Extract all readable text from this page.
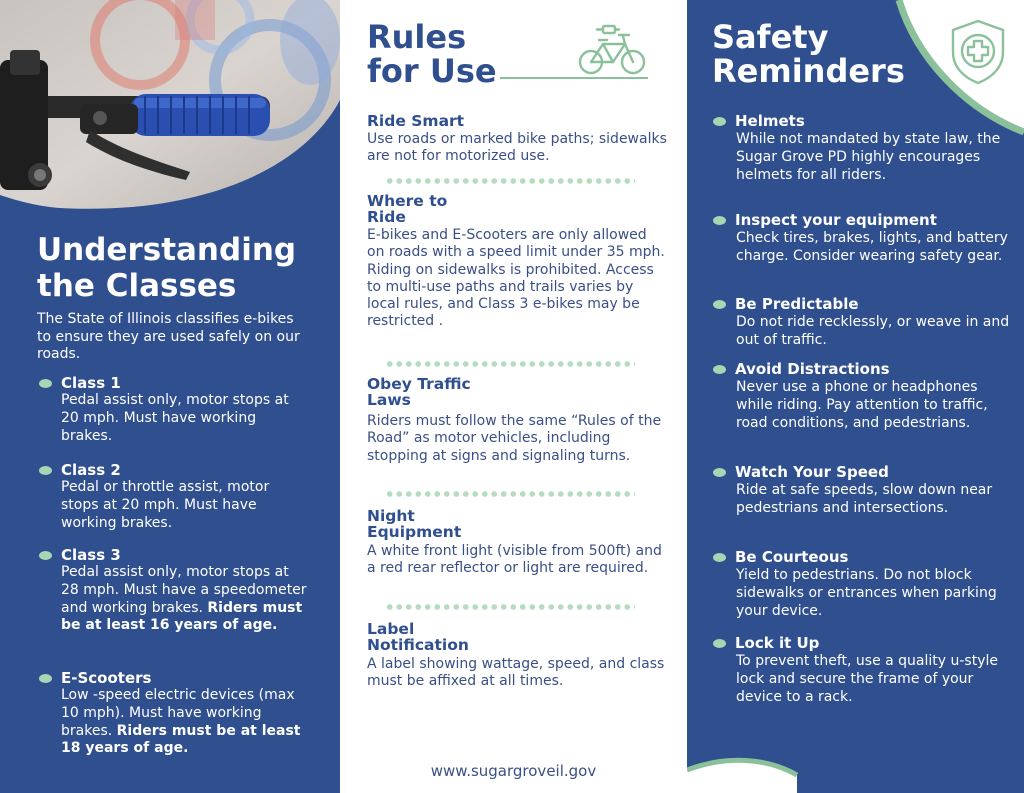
Understanding
the Classes
The State of Illinois classifies e-bikes to ensure they are used safely on our roads.
Class 1
Pedal assist only, motor stops at 20 mph. Must have working brakes.
Class 2
Pedal or throttle assist, motor stops at 20 mph. Must have working brakes.
Class 3
Pedal assist only, motor stops at 28 mph. Must have a speedometer and working brakes. Riders must be at least 16 years of age.
E-Scooters
Low -speed electric devices (max 10 mph). Must have working brakes. Riders must be at least 18 years of age.
Rules
for Use
Ride Smart
Use roads or marked bike paths; sidewalks are not for motorized use.
Where to
Ride
E-bikes and E-Scooters are only allowed on roads with a speed limit under 35 mph. Riding on sidewalks is prohibited. Access to multi-use paths and trails varies by local rules, and Class 3 e-bikes may be restricted .
Obey Traffic
Laws
Riders must follow the same “Rules of the Road” as motor vehicles, including stopping at signs and signaling turns.
Night
Equipment
A white front light (visible from 500ft) and a red rear reflector or light are required.
Label
Notification
A label showing wattage, speed, and class must be affixed at all times.
www.sugargroveil.gov
Safety
Reminders
Helmets
While not mandated by state law, the Sugar Grove PD highly encourages helmets for all riders.
Inspect your equipment
Check tires, brakes, lights, and battery charge. Consider wearing safety gear.
Be Predictable
Do not ride recklessly, or weave in and out of traffic.
Avoid Distractions
Never use a phone or headphones while riding. Pay attention to traffic, road conditions, and pedestrians.
Watch Your Speed
Ride at safe speeds, slow down near pedestrians and intersections.
Be Courteous
Yield to pedestrians. Do not block sidewalks or entrances when parking your device.
Lock it Up
To prevent theft, use a quality u-style lock and secure the frame of your device to a rack.
